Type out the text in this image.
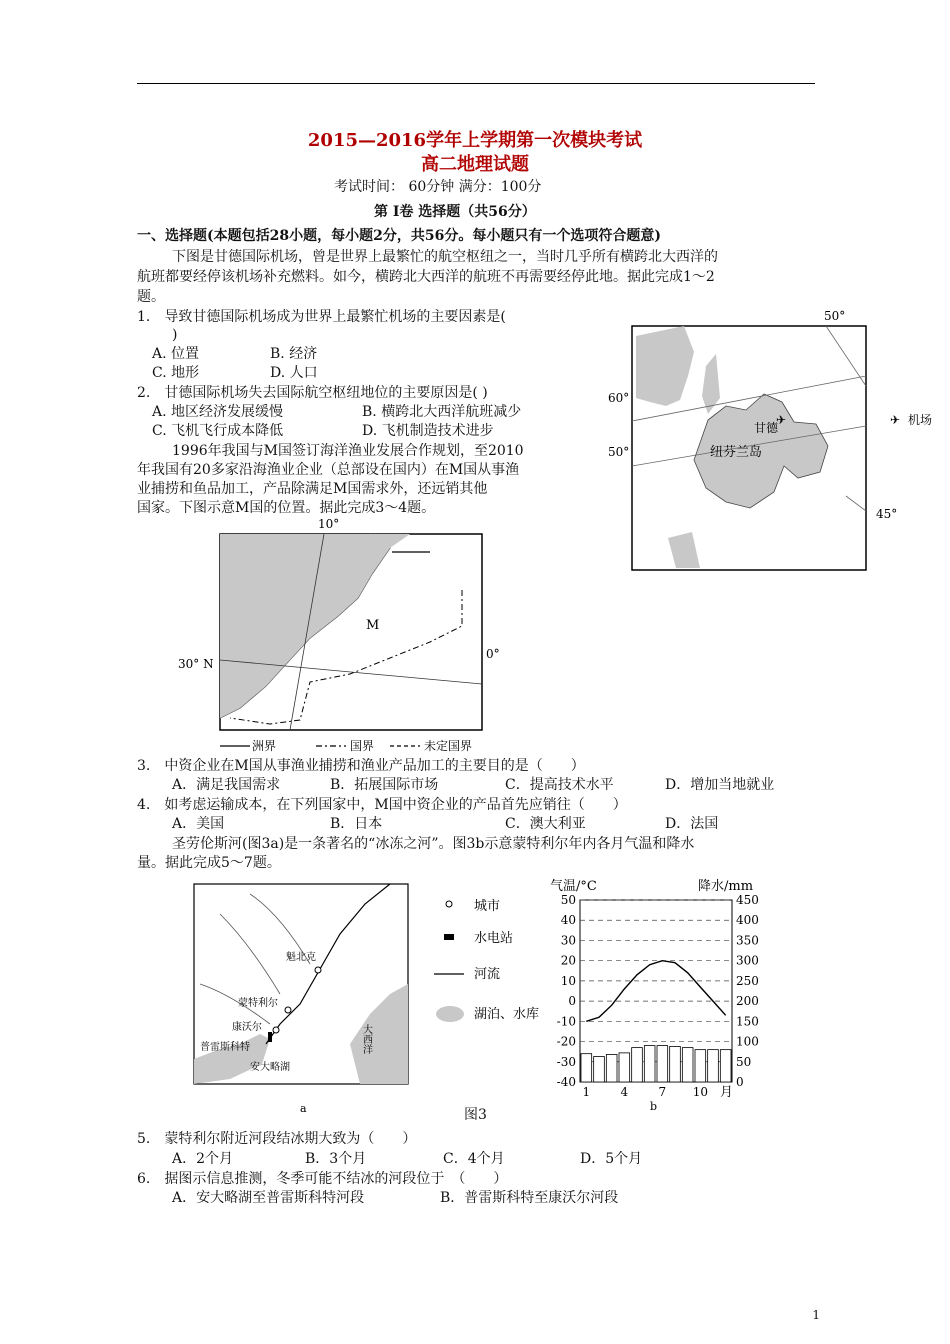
2015—2016学年上学期第一次模块考试
高二地理试题
考试时间： 60分钟 满分：100分
第 Ⅰ卷 选择题（共56分）
一、选择题(本题包括28小题，每小题2分，共56分。每小题只有一个选项符合题意)
下图是甘德国际机场，曾是世界上最繁忙的航空枢纽之一，当时几乎所有横跨北大西洋的
航班都要经停该机场补充燃料。如今，横跨北大西洋的航班不再需要经停此地。据此完成1～2
题。
1.　导致甘德国际机场成为世界上最繁忙机场的主要因素是(
)
A. 位置	B. 经济
C. 地形	D. 人口
2.　甘德国际机场失去国际航空枢纽地位的主要原因是( )
A. 地区经济发展缓慢	B. 横跨北大西洋航班减少
C. 飞机飞行成本降低	D. 飞机制造技术进步
1996年我国与M国签订海洋渔业发展合作规划，至2010
年我国有20多家沿海渔业企业（总部设在国内）在M国从事渔
业捕捞和鱼品加工，产品除满足M国需求外，还远销其他
国家。下图示意M国的位置。据此完成3～4题。
✈	✈
50°
60°
50°
45°
甘德
纽芬兰岛
机场
M
10°
30° N
0°
洲界	国界	未定国界
3.　中资企业在M国从事渔业捕捞和渔业产品加工的主要目的是（　　）
A．满足我国需求	B．拓展国际市场	C．提高技术水平	D．增加当地就业
4.　如考虑运输成本，在下列国家中，M国中资企业的产品首先应销往（　　）
A．美国	B．日本	C．澳大利亚	D．法国
圣劳伦斯河(图3a)是一条著名的“冰冻之河”。图3b示意蒙特利尔年内各月气温和降水
量。据此完成5～7题。
魁北克
蒙特利尔
康沃尔
普雷斯科特
安大略湖
大西洋
a
城市
水电站
河流
湖泊、水库
气温/°C	降水/mm
50
40
30
20
10
0
-10
-20
-30
-40
450
400
350
300
250
200
150
100
50
0
1	4	7 10 月
b
图3
5.　蒙特利尔附近河段结冰期大致为（　　）
A．2个月	B．3个月	C．4个月	D．5个月
6.　据图示信息推测，冬季可能不结冰的河段位于　（　　）
A．安大略湖至普雷斯科特河段	B．普雷斯科特至康沃尔河段
1
